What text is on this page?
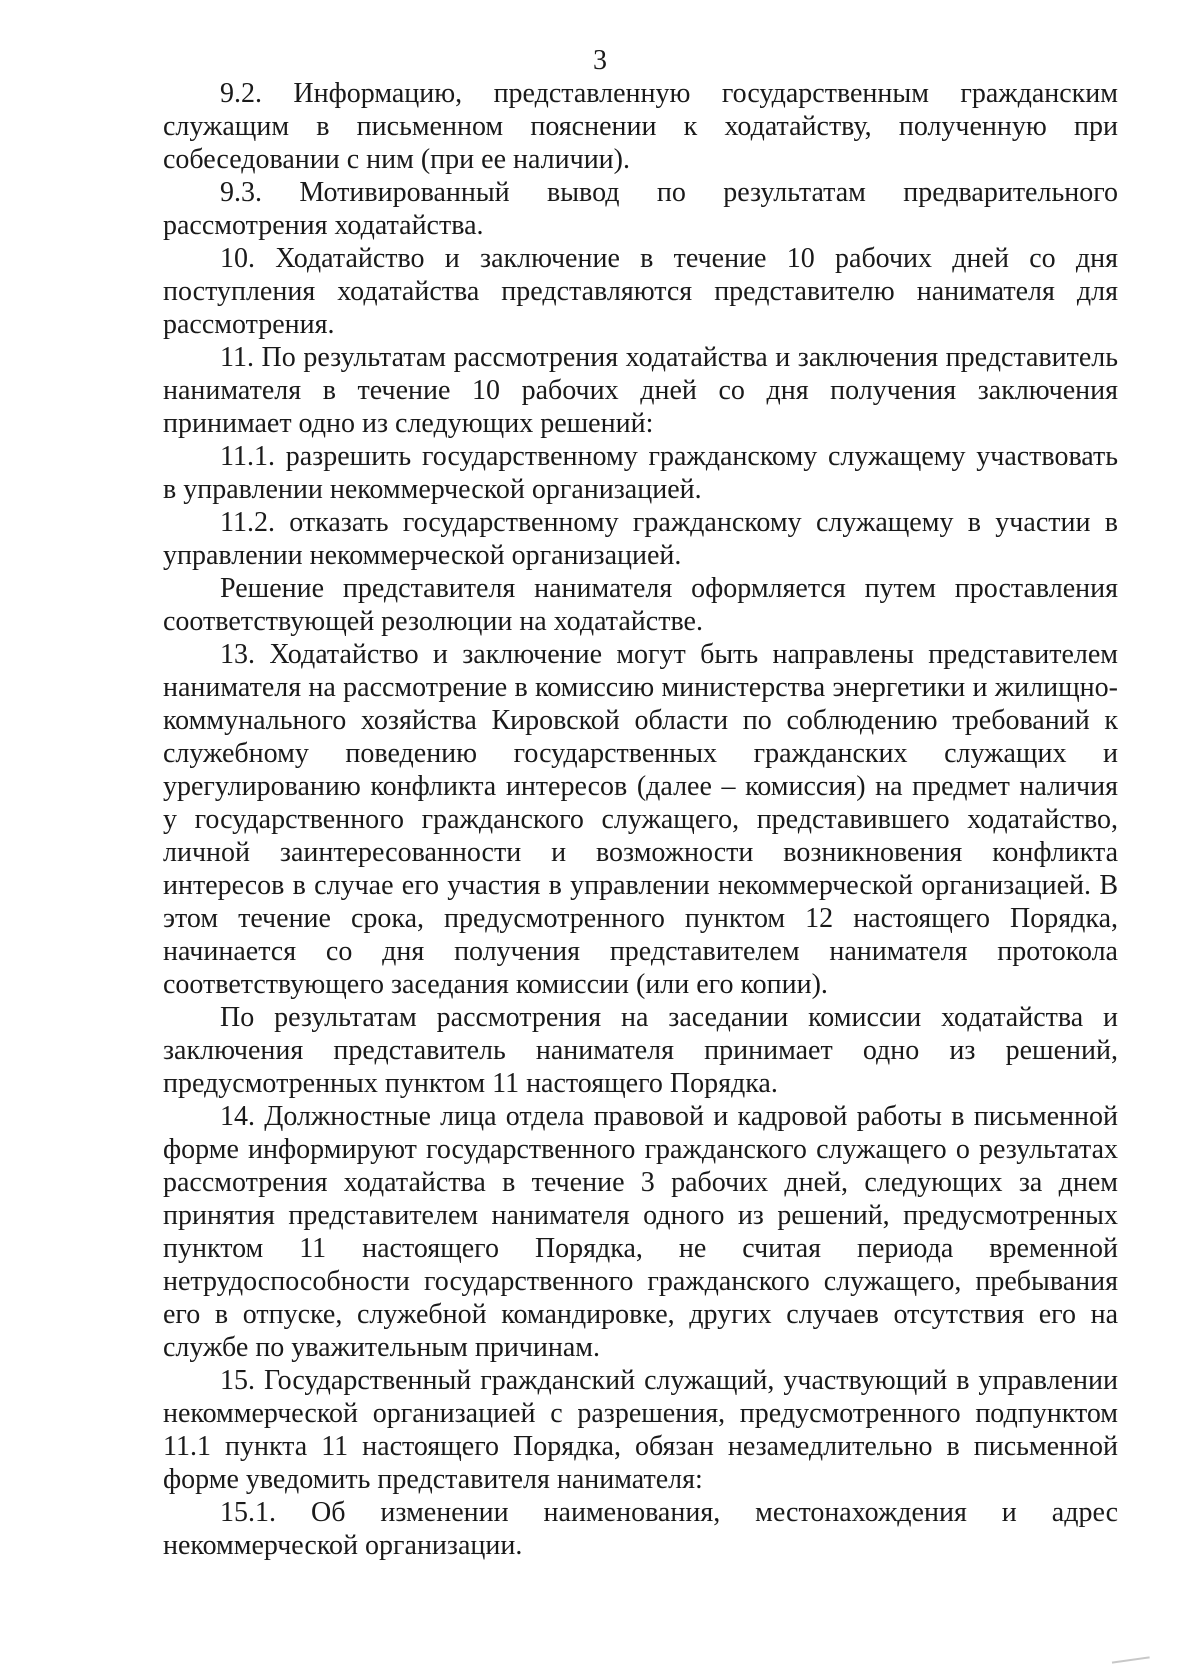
3

9.2. Информацию, представленную государственным гражданским служащим в письменном пояснении к ходатайству, полученную при собеседовании с ним (при ее наличии).

9.3. Мотивированный вывод по результатам предварительного рассмотрения ходатайства.

10. Ходатайство и заключение в течение 10 рабочих дней со дня поступления ходатайства представляются представителю нанимателя для рассмотрения.

11. По результатам рассмотрения ходатайства и заключения представитель нанимателя в течение 10 рабочих дней со дня получения заключения принимает одно из следующих решений:

11.1. разрешить государственному гражданскому служащему участвовать в управлении некоммерческой организацией.

11.2. отказать государственному гражданскому служащему в участии в управлении некоммерческой организацией.

Решение представителя нанимателя оформляется путем проставления соответствующей резолюции на ходатайстве.

13. Ходатайство и заключение могут быть направлены представителем нанимателя на рассмотрение в комиссию министерства энергетики и жилищно-коммунального хозяйства Кировской области по соблюдению требований к служебному поведению государственных гражданских служащих и урегулированию конфликта интересов (далее – комиссия) на предмет наличия у государственного гражданского служащего, представившего ходатайство, личной заинтересованности и возможности возникновения конфликта интересов в случае его участия в управлении некоммерческой организацией. В этом течение срока, предусмотренного пунктом 12 настоящего Порядка, начинается со дня получения представителем нанимателя протокола соответствующего заседания комиссии (или его копии).

По результатам рассмотрения на заседании комиссии ходатайства и заключения представитель нанимателя принимает одно из решений, предусмотренных пунктом 11 настоящего Порядка.

14. Должностные лица отдела правовой и кадровой работы в письменной форме информируют государственного гражданского служащего о результатах рассмотрения ходатайства в течение 3 рабочих дней, следующих за днем принятия представителем нанимателя одного из решений, предусмотренных пунктом 11 настоящего Порядка, не считая периода временной нетрудоспособности государственного гражданского служащего, пребывания его в отпуске, служебной командировке, других случаев отсутствия его на службе по уважительным причинам.

15. Государственный гражданский служащий, участвующий в управлении некоммерческой организацией с разрешения, предусмотренного подпунктом 11.1 пункта 11 настоящего Порядка, обязан незамедлительно в письменной форме уведомить представителя нанимателя:

15.1. Об изменении наименования, местонахождения и адрес некоммерческой организации.
